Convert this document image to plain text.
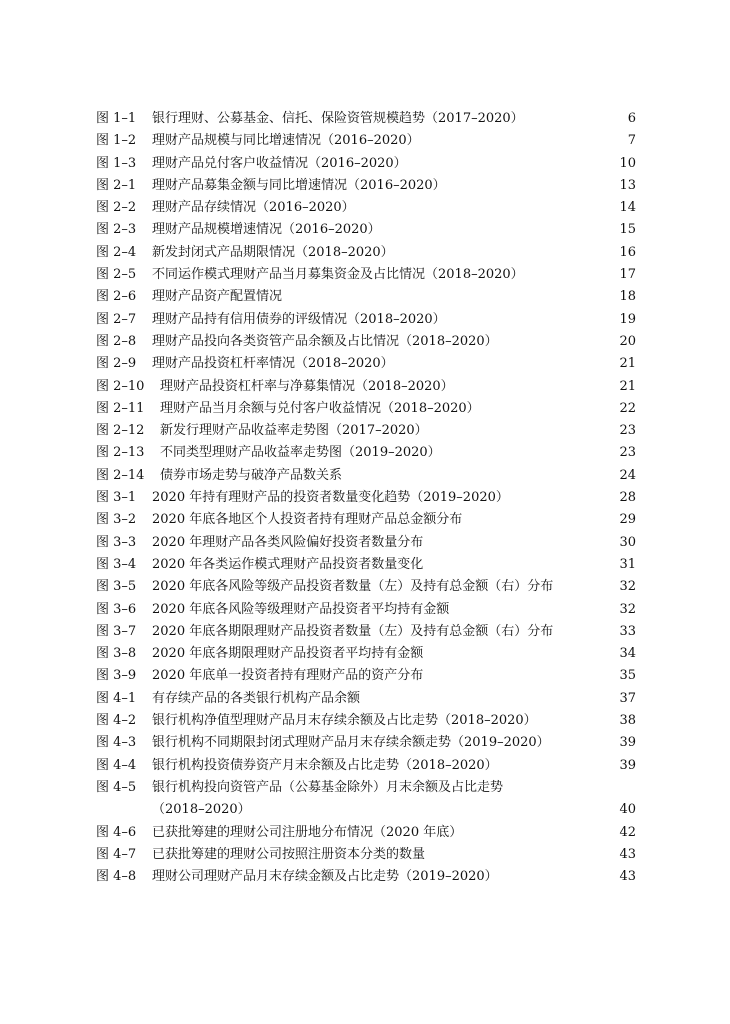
图 1–1 银行理财、公募基金、信托、保险资管规模趋势（2017–2020）	6
图 1–2 理财产品规模与同比增速情况（2016–2020）	7
图 1–3 理财产品兑付客户收益情况（2016–2020）	10
图 2–1 理财产品募集金额与同比增速情况（2016–2020）	13
图 2–2 理财产品存续情况（2016–2020）	14
图 2–3 理财产品规模增速情况（2016–2020）	15
图 2–4 新发封闭式产品期限情况（2018–2020）	16
图 2–5 不同运作模式理财产品当月募集资金及占比情况（2018–2020）	17
图 2–6 理财产品资产配置情况	18
图 2–7 理财产品持有信用债券的评级情况（2018–2020）	19
图 2–8 理财产品投向各类资管产品余额及占比情况（2018–2020）	20
图 2–9 理财产品投资杠杆率情况（2018–2020）	21
图 2–10 理财产品投资杠杆率与净募集情况（2018–2020）	21
图 2–11 理财产品当月余额与兑付客户收益情况（2018–2020）	22
图 2–12 新发行理财产品收益率走势图（2017–2020）	23
图 2–13 不同类型理财产品收益率走势图（2019–2020）	23
图 2–14 债券市场走势与破净产品数关系	24
图 3–1 2020 年持有理财产品的投资者数量变化趋势（2019–2020）	28
图 3–2 2020 年底各地区个人投资者持有理财产品总金额分布	29
图 3–3 2020 年理财产品各类风险偏好投资者数量分布	30
图 3–4 2020 年各类运作模式理财产品投资者数量变化	31
图 3–5 2020 年底各风险等级产品投资者数量（左）及持有总金额（右）分布	32
图 3–6 2020 年底各风险等级理财产品投资者平均持有金额	32
图 3–7 2020 年底各期限理财产品投资者数量（左）及持有总金额（右）分布	33
图 3–8 2020 年底各期限理财产品投资者平均持有金额	34
图 3–9 2020 年底单一投资者持有理财产品的资产分布	35
图 4–1 有存续产品的各类银行机构产品余额	37
图 4–2 银行机构净值型理财产品月末存续余额及占比走势（2018–2020）	38
图 4–3 银行机构不同期限封闭式理财产品月末存续余额走势（2019–2020）	39
图 4–4 银行机构投资债券资产月末余额及占比走势（2018–2020）	39
图 4–5 银行机构投向资管产品（公募基金除外）月末余额及占比走势
（2018–2020）	40
图 4–6 已获批筹建的理财公司注册地分布情况（2020 年底）	42
图 4–7 已获批筹建的理财公司按照注册资本分类的数量	43
图 4–8 理财公司理财产品月末存续金额及占比走势（2019–2020）	43
